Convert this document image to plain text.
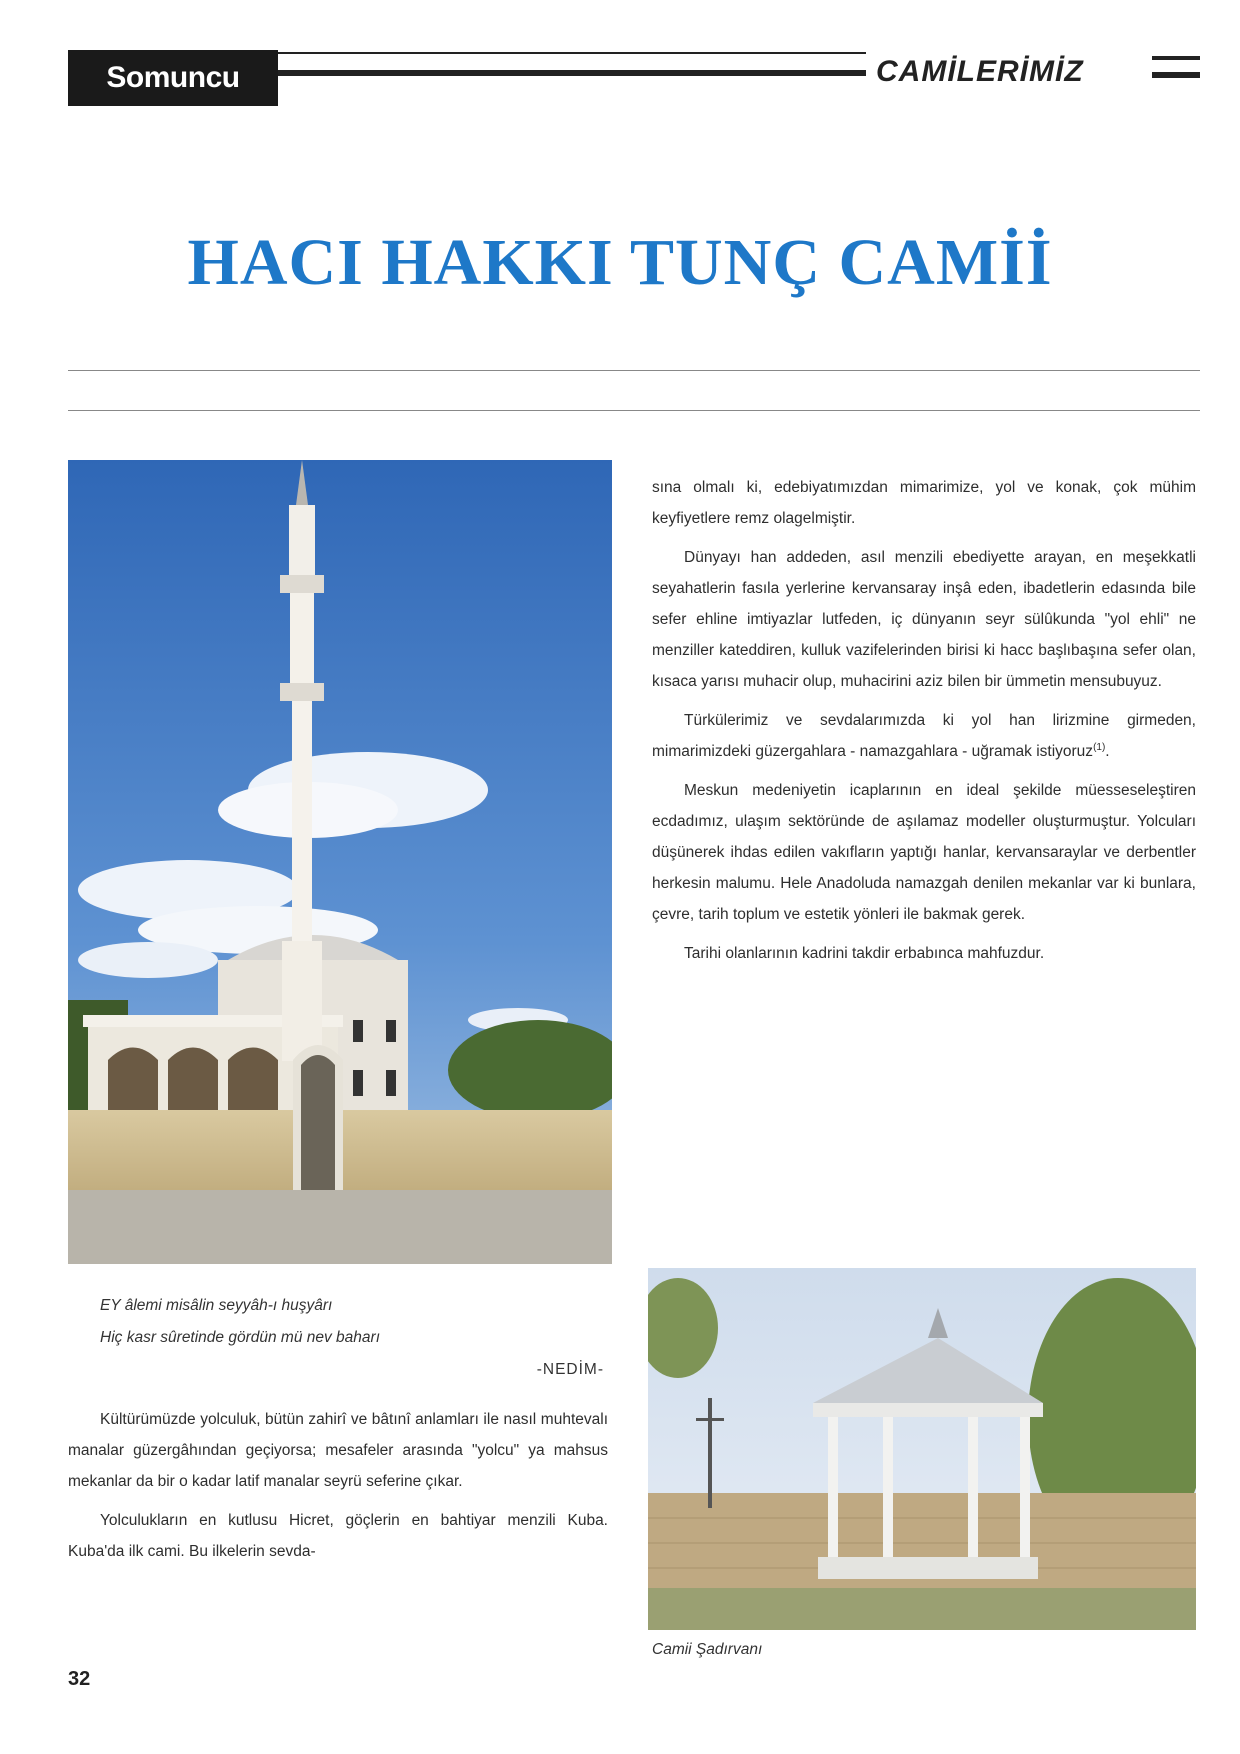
Somuncu Baba
CAMİLERİMİZ
HACI HAKKI TUNÇ CAMİİ

sına olmalı ki, edebiyatımızdan mimarimize, yol ve konak, çok mühim keyfiyetlere remz olagelmiştir.

Dünyayı han addeden, asıl menzili ebediyette arayan, en meşekkatli seyahatlerin fasıla yerlerine kervansaray inşâ eden, ibadetlerin edasında bile sefer ehline imtiyazlar lutfeden, iç dünyanın seyr sülûkunda "yol ehli" ne menziller kateddiren, kulluk vazifelerinden birisi ki hacc başlıbaşına sefer olan, kısaca yarısı muhacir olup, muhacirini aziz bilen bir ümmetin mensubuyuz.

Türkülerimiz ve sevdalarımızda ki yol han lirizmine girmeden, mimarimizdeki güzergahlara - namazgahlara - uğramak istiyoruz$^{(1)}$.

Meskun medeniyetin icaplarının en ideal şekilde müesseseleştiren ecdadımız, ulaşım sektöründe de aşılamaz modeller oluşturmuştur. Yolcuları düşünerek ihdas edilen vakıfların yaptığı hanlar, kervansaraylar ve derbentler herkesin malumu. Hele Anadoluda namazgah denilen mekanlar var ki bunlara, çevre, tarih toplum ve estetik yönleri ile bakmak gerek.

Tarihi olanlarının kadrini takdir erbabınca mahfuzdur.

Camii Şadırvanı
EY âlemi misâlin seyyâh-ı huşyârı
Hiç kasr sûretinde gördün mü nev baharı
-NEDİM-

Kültürümüzde yolculuk, bütün zahirî ve bâtınî anlamları ile nasıl muhtevalı manalar güzergâhından geçiyorsa; mesafeler arasında "yolcu" ya mahsus mekanlar da bir o kadar latif manalar seyrü seferine çıkar.

Yolculukların en kutlusu Hicret, göçlerin en bahtiyar menzili Kuba. Kuba'da ilk cami. Bu ilkelerin sevda-

32
